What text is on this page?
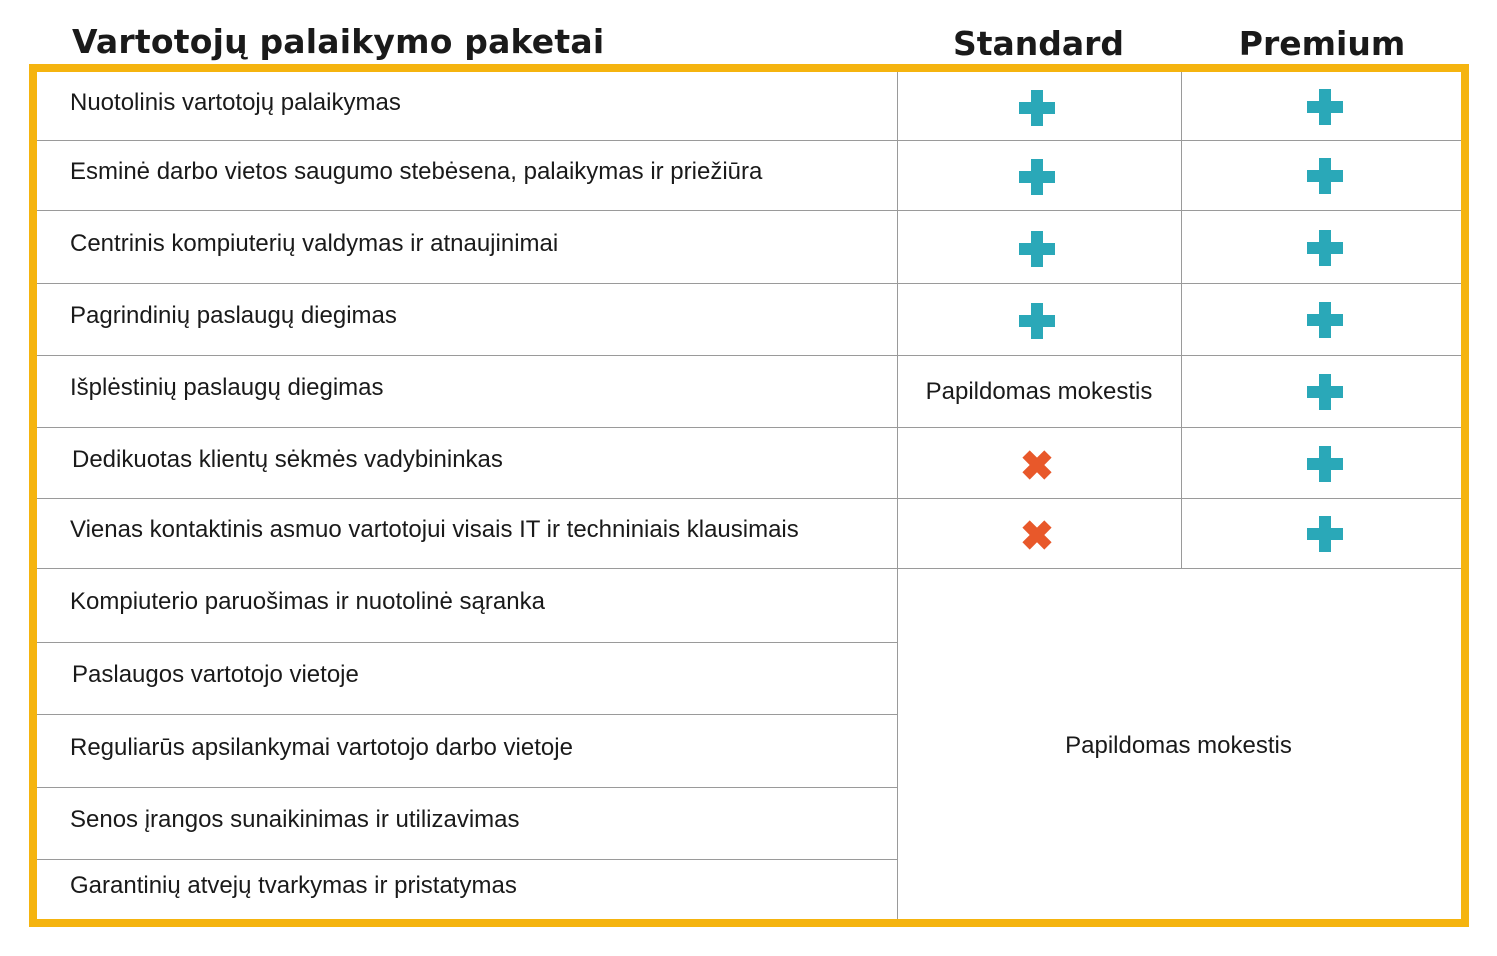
Vartotojų palaikymo paketai	Standard	Premium
Nuotolinis vartotojų palaikymas
Esminė darbo vietos saugumo stebėsena, palaikymas ir priežiūra
Centrinis kompiuterių valdymas ir atnaujinimai
Pagrindinių paslaugų diegimas
Išplėstinių paslaugų diegimas	Papildomas mokestis
Dedikuotas klientų sėkmės vadybininkas
Vienas kontaktinis asmuo vartotojui visais IT ir techniniais klausimais
Kompiuterio paruošimas ir nuotolinė sąranka
Paslaugos vartotojo vietoje
Reguliarūs apsilankymai vartotojo darbo vietoje
Senos įrangos sunaikinimas ir utilizavimas
Garantinių atvejų tvarkymas ir pristatymas
Papildomas mokestis
